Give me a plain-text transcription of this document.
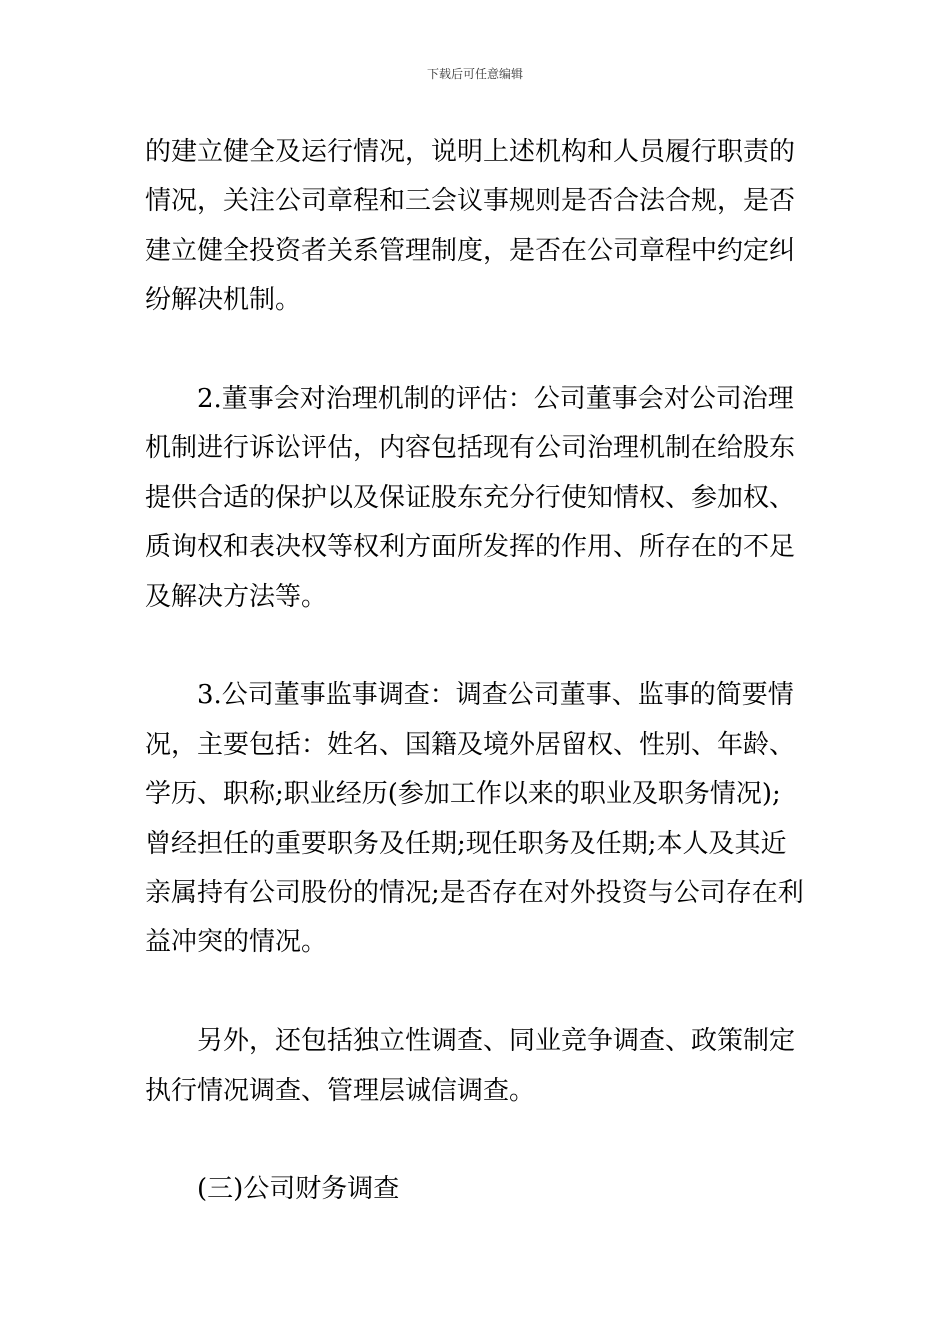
下载后可任意编辑
的建立健全及运行情况，说明上述机构和人员履行职责的
情况，关注公司章程和三会议事规则是否合法合规，是否
建立健全投资者关系管理制度，是否在公司章程中约定纠
纷解决机制。
2.董事会对治理机制的评估：公司董事会对公司治理
机制进行诉讼评估，内容包括现有公司治理机制在给股东
提供合适的保护以及保证股东充分行使知情权、参加权、
质询权和表决权等权利方面所发挥的作用、所存在的不足
及解决方法等。
3.公司董事监事调查：调查公司董事、监事的简要情
况，主要包括：姓名、国籍及境外居留权、性别、年龄、
学历、职称;职业经历(参加工作以来的职业及职务情况);
曾经担任的重要职务及任期;现任职务及任期;本人及其近
亲属持有公司股份的情况;是否存在对外投资与公司存在利
益冲突的情况。
另外，还包括独立性调查、同业竞争调查、政策制定
执行情况调查、管理层诚信调查。
(三)公司财务调查
